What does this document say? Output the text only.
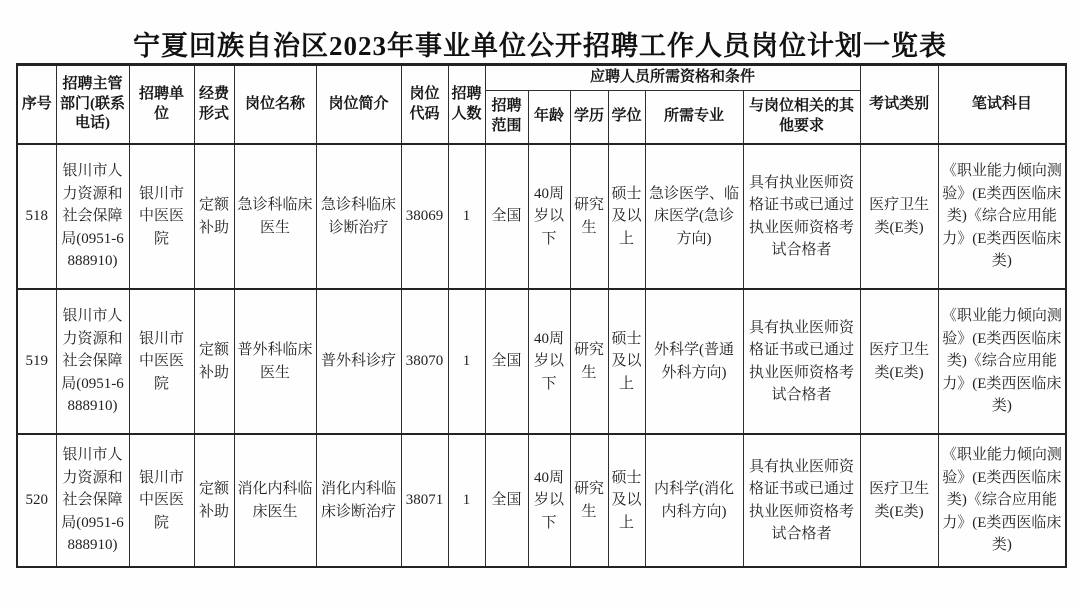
宁夏回族自治区2023年事业单位公开招聘工作人员岗位计划一览表
序号	招聘主管部门(联系电话)	招聘单位	经费形式	岗位名称	岗位简介	岗位代码	招聘人数	应聘人员所需资格和条件						考试类别	笔试科目
								招聘范围	年龄	学历	学位	所需专业	与岗位相关的其他要求		
518	银川市人力资源和社会保障局(0951-6888910)	银川市中医医院	定额补助	急诊科临床医生	急诊科临床诊断治疗	38069	1	全国	40周岁以下	研究生	硕士及以上	急诊医学、临床医学(急诊方向)	具有执业医师资格证书或已通过执业医师资格考试合格者	医疗卫生类(E类)	《职业能力倾向测验》(E类西医临床类)《综合应用能力》(E类西医临床类)
519	银川市人力资源和社会保障局(0951-6888910)	银川市中医医院	定额补助	普外科临床医生	普外科诊疗	38070	1	全国	40周岁以下	研究生	硕士及以上	外科学(普通外科方向)	具有执业医师资格证书或已通过执业医师资格考试合格者	医疗卫生类(E类)	《职业能力倾向测验》(E类西医临床类)《综合应用能力》(E类西医临床类)
520	银川市人力资源和社会保障局(0951-6888910)	银川市中医医院	定额补助	消化内科临床医生	消化内科临床诊断治疗	38071	1	全国	40周岁以下	研究生	硕士及以上	内科学(消化内科方向)	具有执业医师资格证书或已通过执业医师资格考试合格者	医疗卫生类(E类)	《职业能力倾向测验》(E类西医临床类)《综合应用能力》(E类西医临床类)
